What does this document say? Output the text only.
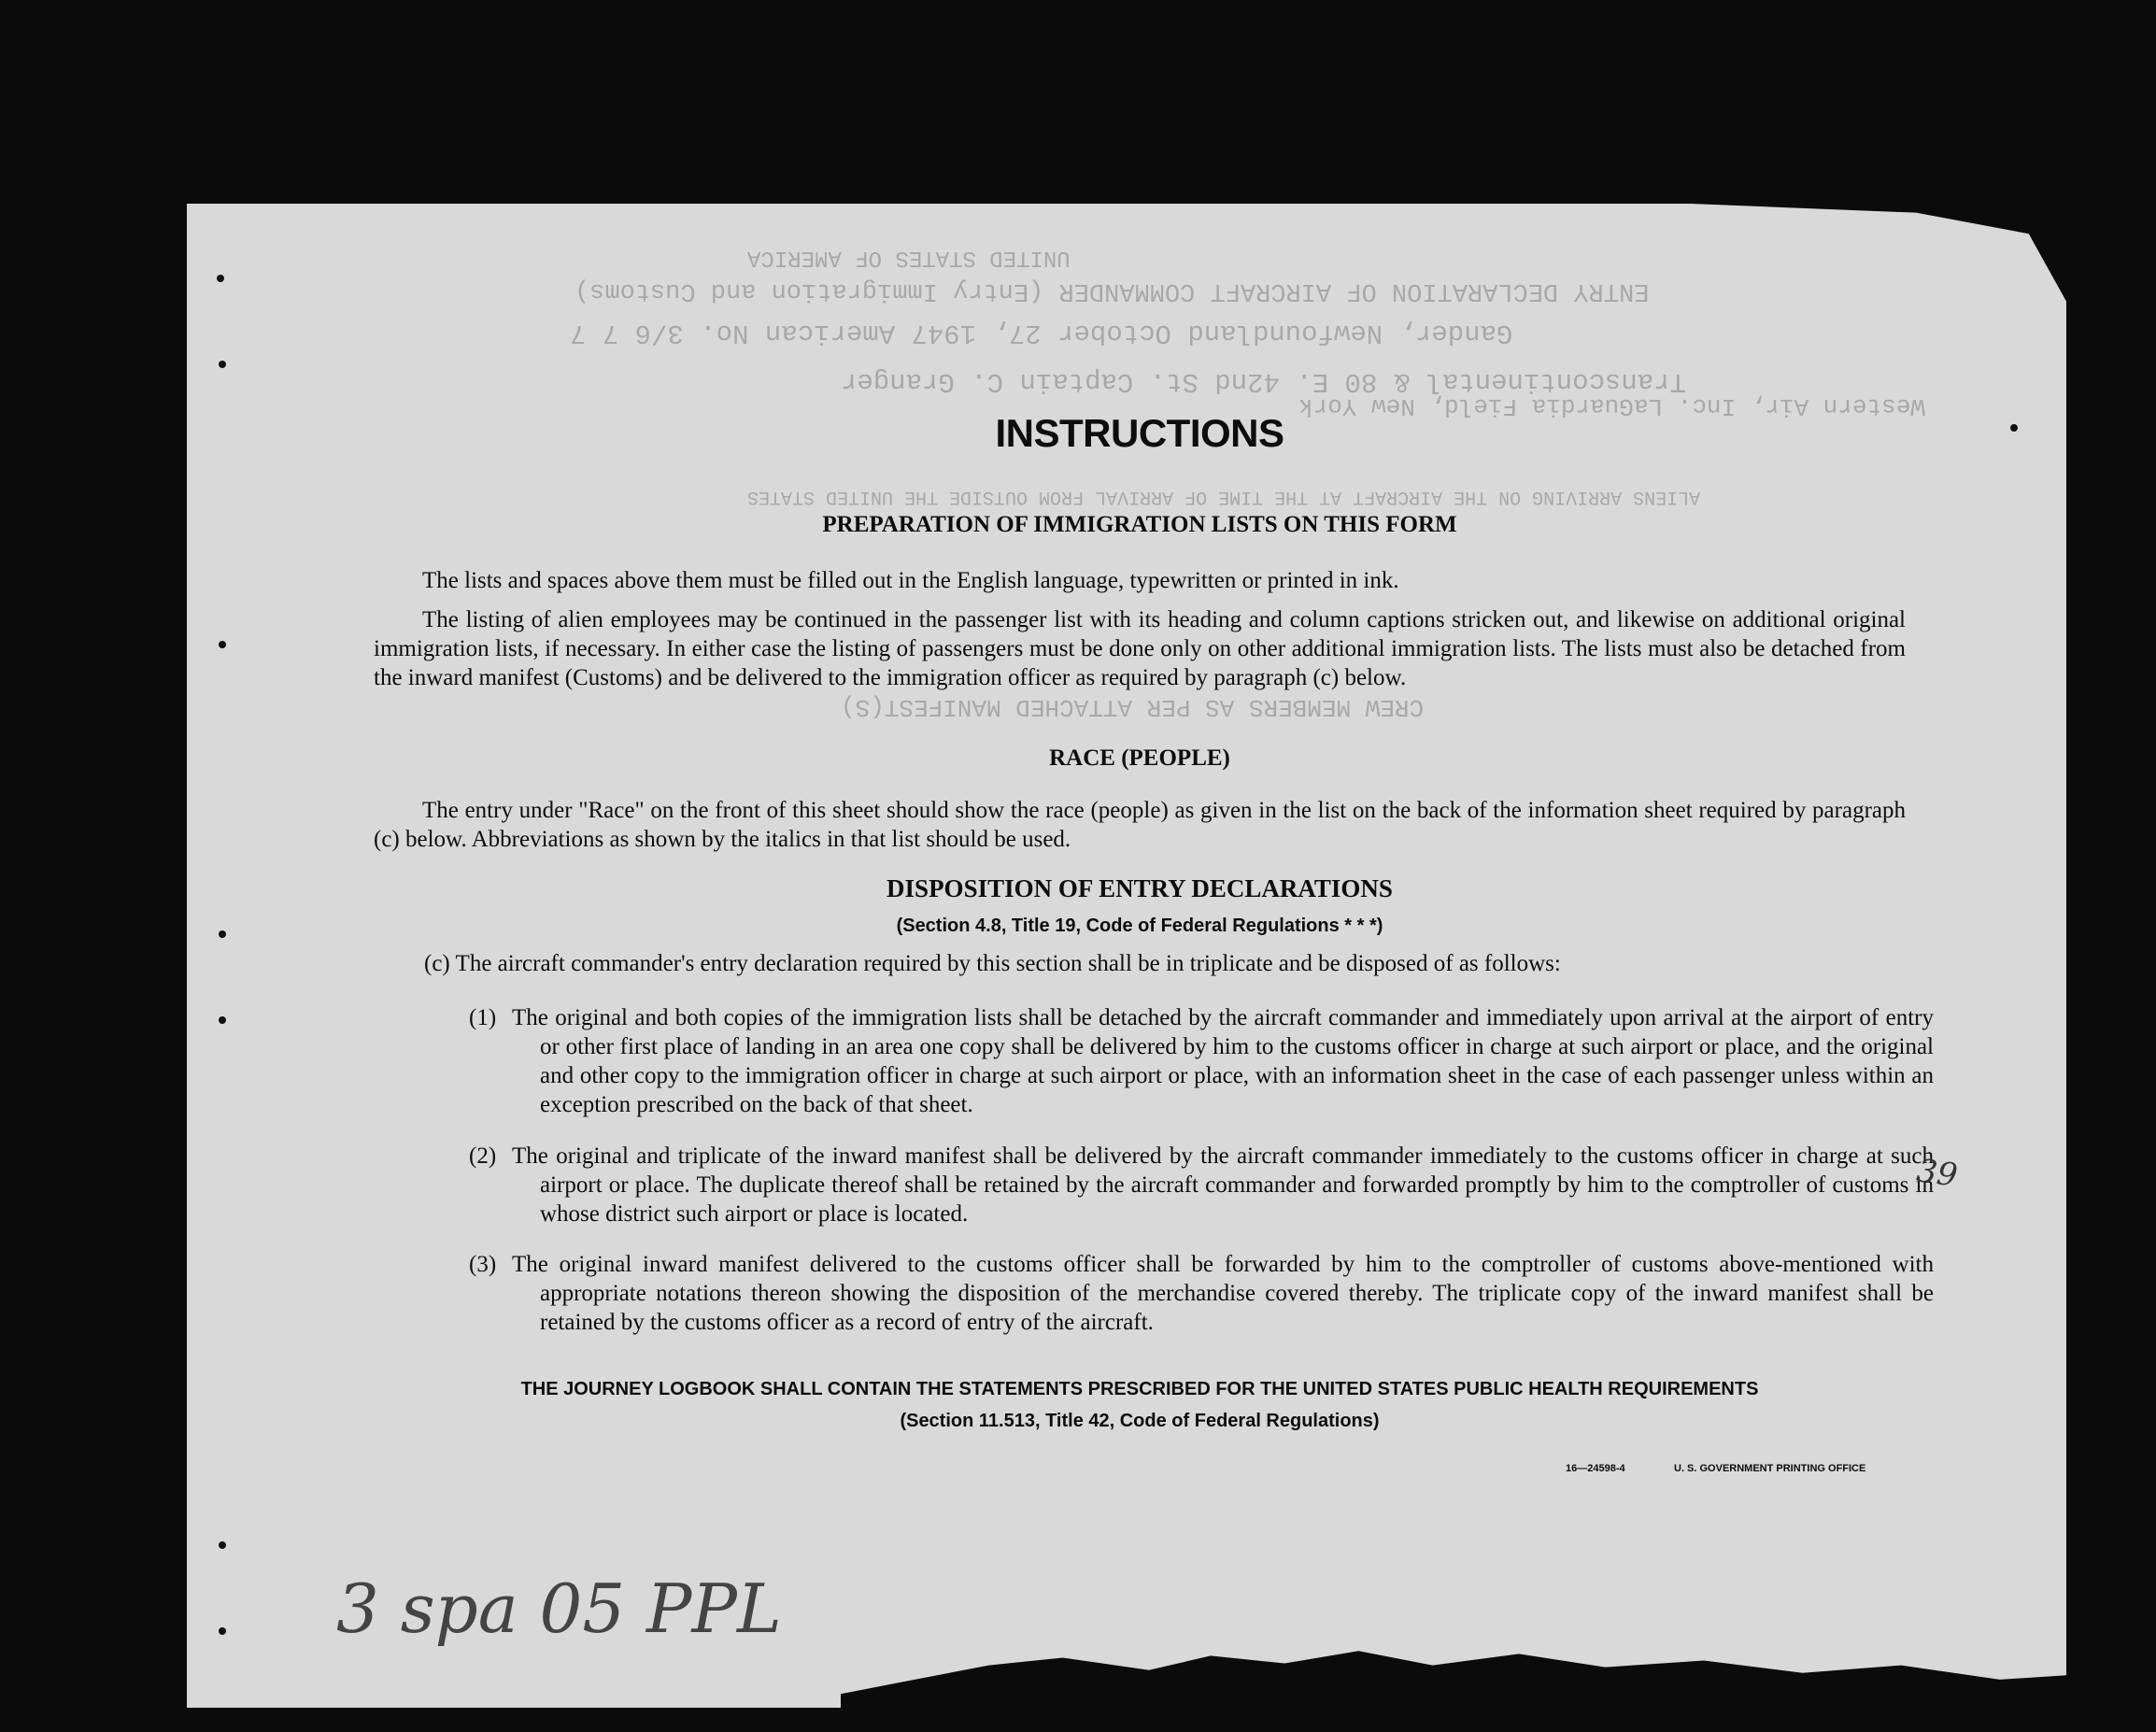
UNITED STATES OF AMERICA
ENTRY DECLARATION OF AIRCRAFT COMMANDER (Entry Immigration and Customs)
Gander, Newfoundland October 27, 1947 American No. 3/6 7 7
Transcontinental & 80 E. 42nd St. Captain C. Granger
Western Air, Inc. LaGuardia Field, New York
ALIENS ARRIVING ON THE AIRCRAFT AT THE TIME OF ARRIVAL FROM OUTSIDE THE UNITED STATES
CREW MEMBERS AS PER ATTACHED MANIFEST(S)
INSTRUCTIONS
PREPARATION OF IMMIGRATION LISTS ON THIS FORM
The lists and spaces above them must be filled out in the English language, typewritten or printed in ink.
The listing of alien employees may be continued in the passenger list with its heading and column captions stricken out, and likewise on additional original immigration lists, if necessary. In either case the listing of passengers must be done only on other additional immigration lists. The lists must also be detached from the inward manifest (Customs) and be delivered to the immigration officer as required by paragraph (c) below.
RACE (PEOPLE)
The entry under "Race" on the front of this sheet should show the race (people) as given in the list on the back of the information sheet required by paragraph (c) below. Abbreviations as shown by the italics in that list should be used.
DISPOSITION OF ENTRY DECLARATIONS
(Section 4.8, Title 19, Code of Federal Regulations * * *)
(c) The aircraft commander's entry declaration required by this section shall be in triplicate and be disposed of as follows:
(1) The original and both copies of the immigration lists shall be detached by the aircraft commander and immediately upon arrival at the airport of entry or other first place of landing in an area one copy shall be delivered by him to the customs officer in charge at such airport or place, and the original and other copy to the immigration officer in charge at such airport or place, with an information sheet in the case of each passenger unless within an exception prescribed on the back of that sheet.
(2) The original and triplicate of the inward manifest shall be delivered by the aircraft commander immediately to the customs officer in charge at such airport or place. The duplicate thereof shall be retained by the aircraft commander and forwarded promptly by him to the comptroller of customs in whose district such airport or place is located.
(3) The original inward manifest delivered to the customs officer shall be forwarded by him to the comptroller of customs above-mentioned with appropriate notations thereon showing the disposition of the merchandise covered thereby. The triplicate copy of the inward manifest shall be retained by the customs officer as a record of entry of the aircraft.
THE JOURNEY LOGBOOK SHALL CONTAIN THE STATEMENTS PRESCRIBED FOR THE UNITED STATES PUBLIC HEALTH REQUIREMENTS
(Section 11.513, Title 42, Code of Federal Regulations)
16—24598-4	U. S. GOVERNMENT PRINTING OFFICE
39
3 spa 05 PPL
